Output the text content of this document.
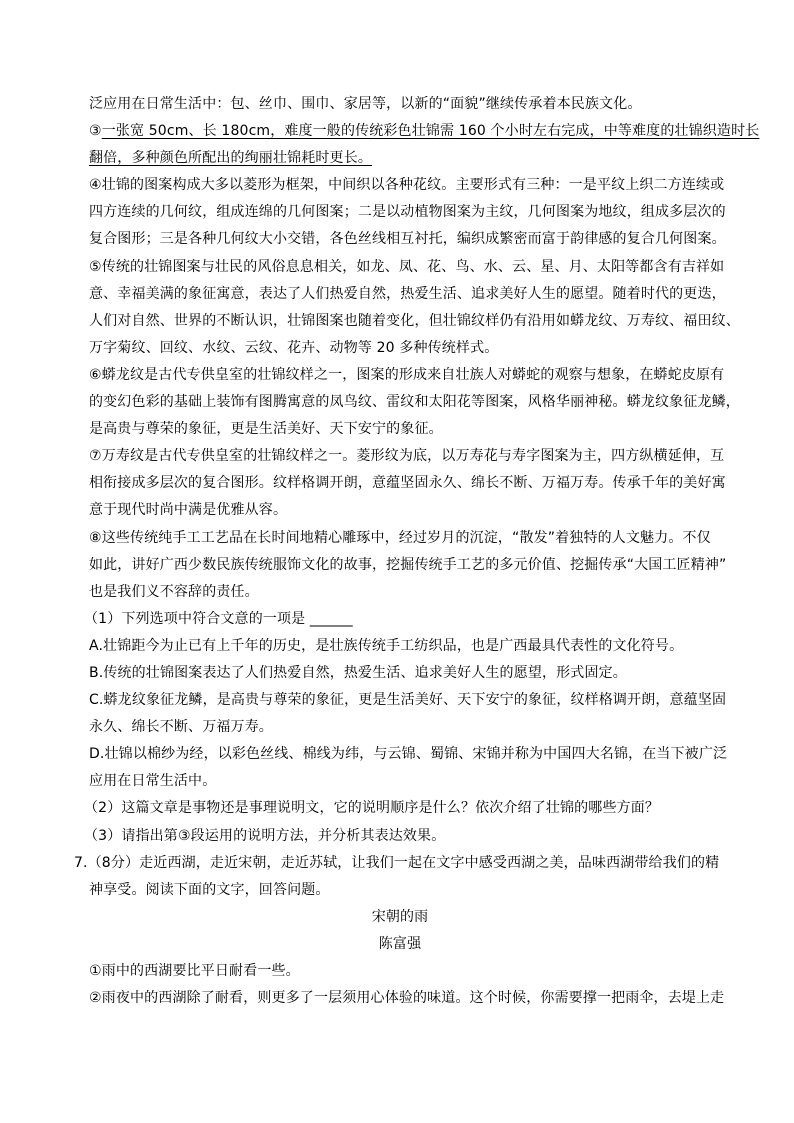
泛应用在日常生活中：包、丝巾、围巾、家居等，以新的“面貌”继续传承着本民族文化。
③一张宽 50cm、长 180cm，难度一般的传统彩色壮锦需 160 个小时左右完成，中等难度的壮锦织造时长
翻倍，多种颜色所配出的绚丽壮锦耗时更长。
④壮锦的图案构成大多以菱形为框架，中间织以各种花纹。主要形式有三种：一是平纹上织二方连续或
四方连续的几何纹，组成连绵的几何图案；二是以动植物图案为主纹，几何图案为地纹，组成多层次的
复合图形；三是各种几何纹大小交错，各色丝线相互衬托，编织成繁密而富于韵律感的复合几何图案。
⑤传统的壮锦图案与壮民的风俗息息相关，如龙、凤、花、鸟、水、云、星、月、太阳等都含有吉祥如
意、幸福美满的象征寓意，表达了人们热爱自然，热爱生活、追求美好人生的愿望。随着时代的更迭，
人们对自然、世界的不断认识，壮锦图案也随着变化，但壮锦纹样仍有沿用如蟒龙纹、万寿纹、福田纹、
万字菊纹、回纹、水纹、云纹、花卉、动物等 20 多种传统样式。
⑥蟒龙纹是古代专供皇室的壮锦纹样之一，图案的形成来自壮族人对蟒蛇的观察与想象，在蟒蛇皮原有
的变幻色彩的基础上装饰有图腾寓意的凤鸟纹、雷纹和太阳花等图案，风格华丽神秘。蟒龙纹象征龙鳞，
是高贵与尊荣的象征，更是生活美好、天下安宁的象征。
⑦万寿纹是古代专供皇室的壮锦纹样之一。菱形纹为底，以万寿花与寿字图案为主，四方纵横延伸，互
相衔接成多层次的复合图形。纹样格调开朗，意蕴坚固永久、绵长不断、万福万寿。传承千年的美好寓
意于现代时尚中满是优雅从容。
⑧这些传统纯手工工艺品在长时间地精心雕琢中，经过岁月的沉淀，“散发”着独特的人文魅力。不仅
如此，讲好广西少数民族传统服饰文化的故事，挖掘传统手工艺的多元价值、挖掘传承“大国工匠精神”
也是我们义不容辞的责任。
（1）下列选项中符合文意的一项是 ______
A.壮锦距今为止已有上千年的历史，是壮族传统手工纺织品，也是广西最具代表性的文化符号。
B.传统的壮锦图案表达了人们热爱自然，热爱生活、追求美好人生的愿望，形式固定。
C.蟒龙纹象征龙鳞，是高贵与尊荣的象征，更是生活美好、天下安宁的象征，纹样格调开朗，意蕴坚固
永久、绵长不断、万福万寿。
D.壮锦以棉纱为经，以彩色丝线、棉线为纬，与云锦、蜀锦、宋锦并称为中国四大名锦，在当下被广泛
应用在日常生活中。
（2）这篇文章是事物还是事理说明文，它的说明顺序是什么？依次介绍了壮锦的哪些方面？
（3）请指出第③段运用的说明方法，并分析其表达效果。
7.（8分）走近西湖，走近宋朝，走近苏轼，让我们一起在文字中感受西湖之美，品味西湖带给我们的精
神享受。阅读下面的文字，回答问题。
宋朝的雨
陈富强
①雨中的西湖要比平日耐看一些。
②雨夜中的西湖除了耐看，则更多了一层须用心体验的味道。这个时候，你需要撑一把雨伞，去堤上走
